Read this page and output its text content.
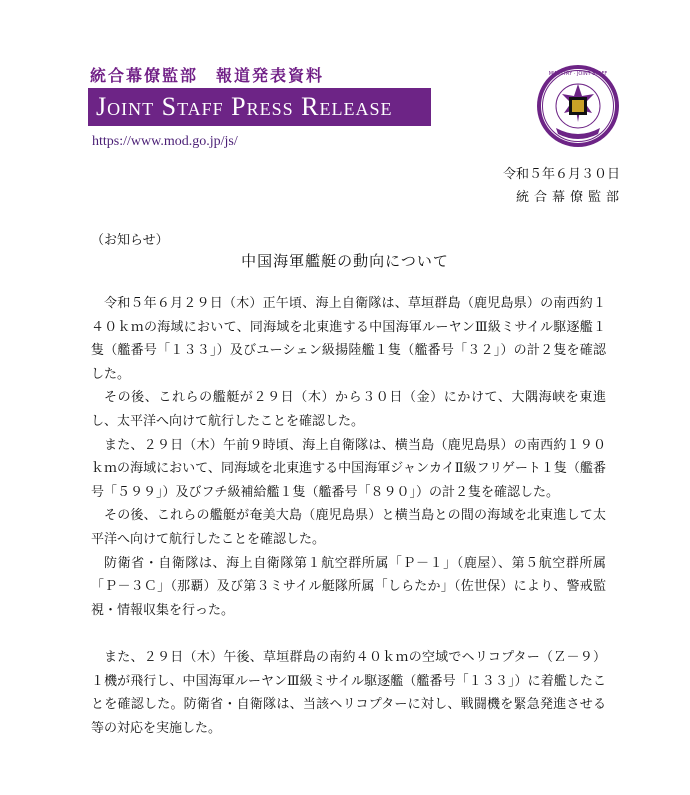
統合幕僚監部　報道発表資料
Joint Staff Press Release
https://www.mod.go.jp/js/
MINISTRY · JOINT STAFF
令和５年６月３０日
統合幕僚監部
（お知らせ）
中国海軍艦艇の動向について

令和５年６月２９日（木）正午頃、海上自衛隊は、草垣群島（鹿児島県）の南西約１４０ｋｍの海域において、同海域を北東進する中国海軍ルーヤンⅢ級ミサイル駆逐艦１隻（艦番号「１３３」）及びユーシェン級揚陸艦１隻（艦番号「３２」）の計２隻を確認した。

その後、これらの艦艇が２９日（木）から３０日（金）にかけて、大隅海峡を東進し、太平洋へ向けて航行したことを確認した。

また、２９日（木）午前９時頃、海上自衛隊は、横当島（鹿児島県）の南西約１９０ｋｍの海域において、同海域を北東進する中国海軍ジャンカイⅡ級フリゲート１隻（艦番号「５９９」）及びフチ級補給艦１隻（艦番号「８９０」）の計２隻を確認した。

その後、これらの艦艇が奄美大島（鹿児島県）と横当島との間の海域を北東進して太平洋へ向けて航行したことを確認した。

防衛省・自衛隊は、海上自衛隊第１航空群所属「Ｐ－１」（鹿屋）、第５航空群所属「Ｐ－３Ｃ」（那覇）及び第３ミサイル艇隊所属「しらたか」（佐世保）により、警戒監視・情報収集を行った。

また、２９日（木）午後、草垣群島の南約４０ｋｍの空域でヘリコプター（Ｚ－９）１機が飛行し、中国海軍ルーヤンⅢ級ミサイル駆逐艦（艦番号「１３３」）に着艦したことを確認した。防衛省・自衛隊は、当該ヘリコプターに対し、戦闘機を緊急発進させる等の対応を実施した。
